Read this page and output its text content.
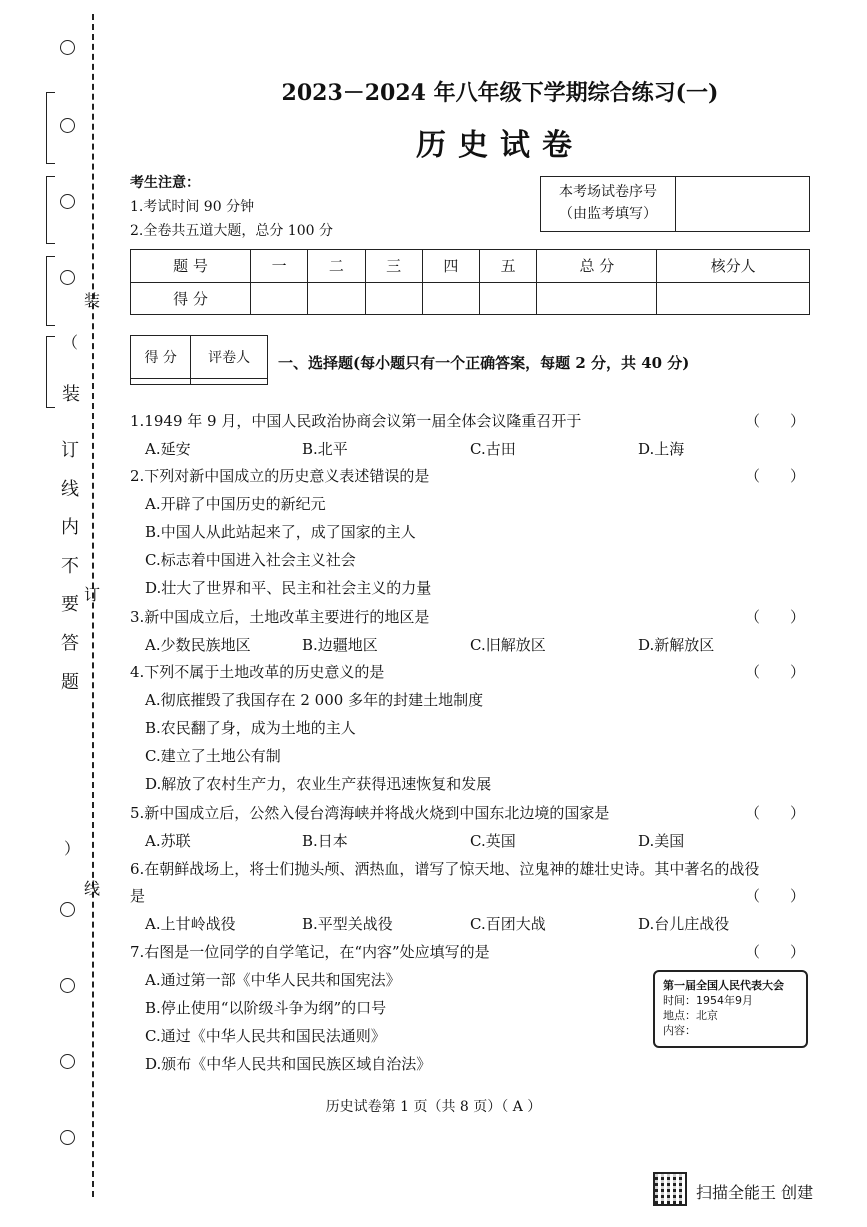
（
装
订
线
内
不
要
答
题
）
装
订
线
2023－2024 年八年级下学期综合练习(一)
历史试卷
考生注意：
1.考试时间 90 分钟
2.全卷共五道大题，总分 100 分
本考场试卷序号
（由监考填写）
题 号	一	二	三	四	五	总 分	核分人
得 分							
得 分	评卷人
	一、选择题(每小题只有一个正确答案，每题 2 分，共 40 分)
1.1949 年 9 月，中国人民政治协商会议第一届全体会议隆重召开于	（　　）
A.延安	B.北平	C.古田	D.上海
2.下列对新中国成立的历史意义表述错误的是	（　　）
A.开辟了中国历史的新纪元
B.中国人从此站起来了，成了国家的主人
C.标志着中国进入社会主义社会
D.壮大了世界和平、民主和社会主义的力量
3.新中国成立后，土地改革主要进行的地区是	（　　）
A.少数民族地区	B.边疆地区	C.旧解放区	D.新解放区
4.下列不属于土地改革的历史意义的是	（　　）
A.彻底摧毁了我国存在 2 000 多年的封建土地制度
B.农民翻了身，成为土地的主人
C.建立了土地公有制
D.解放了农村生产力，农业生产获得迅速恢复和发展
5.新中国成立后，公然入侵台湾海峡并将战火烧到中国东北边境的国家是	（　　）
A.苏联	B.日本	C.英国	D.美国
6.在朝鲜战场上，将士们抛头颅、洒热血，谱写了惊天地、泣鬼神的雄壮史诗。其中著名的战役
是	（　　）
A.上甘岭战役	B.平型关战役	C.百团大战	D.台儿庄战役
7.右图是一位同学的自学笔记，在“内容”处应填写的是	（　　）
A.通过第一部《中华人民共和国宪法》
B.停止使用“以阶级斗争为纲”的口号
C.通过《中华人民共和国民法通则》
D.颁布《中华人民共和国民族区域自治法》
第一届全国人民代表大会
时间：1954年9月
地点：北京
内容：
历史试卷第 1 页（共 8 页）（ A ）
扫描全能王 创建
